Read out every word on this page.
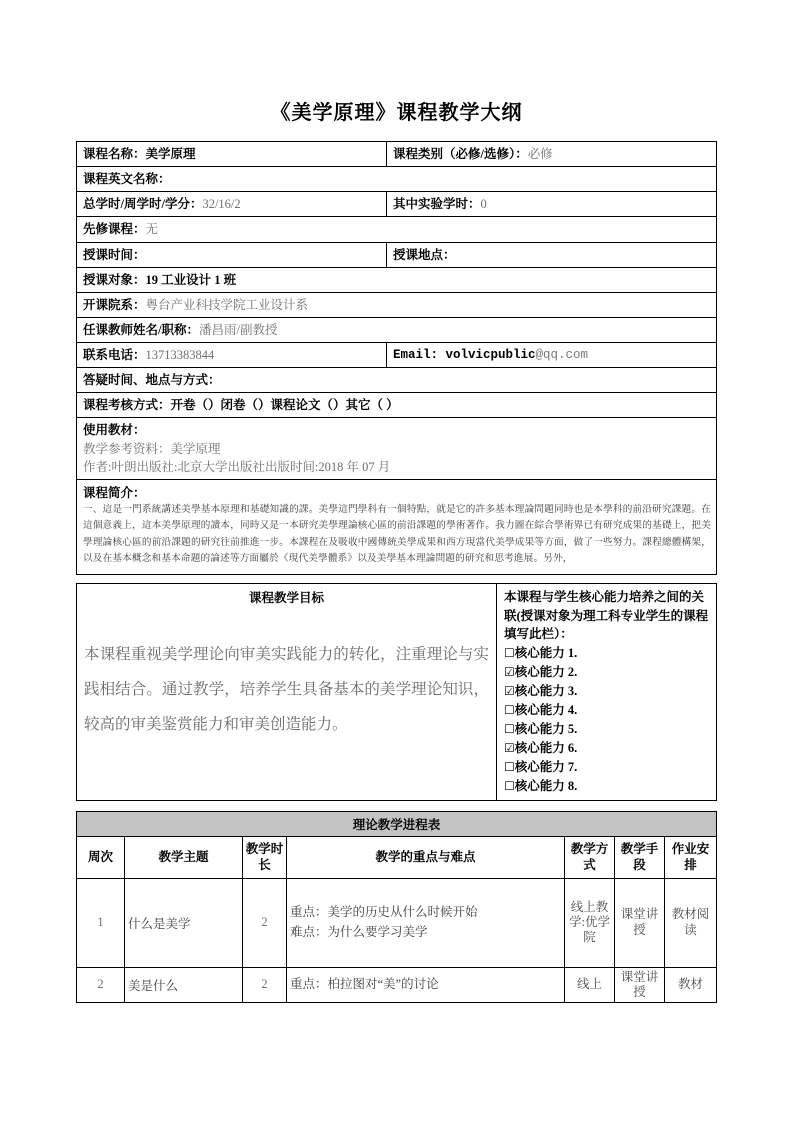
《美学原理》课程教学大纲
课程名称：美学原理	课程类别（必修/选修）：必修
课程英文名称：	
总学时/周学时/学分：32/16/2	其中实验学时：0
先修课程：无	
授课时间：	授课地点：
授课对象：19 工业设计 1 班	
开课院系：粤台产业科技学院工业设计系	
任课教师姓名/职称：潘昌雨/副教授	
联系电话：13713383844	Email: volvicpublic@qq.com
答疑时间、地点与方式：	
课程考核方式：开卷（）闭卷（）课程论文（）其它（ ）	

使用教材：
教学参考资料：美学原理
作者:叶朗出版社:北京大学出版社出版时间:2018 年 07 月	

课程简介：
一、這是一門系統講述美學基本原理和基礎知識的課。美學這門學科有一個特點，就是它的許多基本理論問題同時也是本學科的前沿研究課題。在這個意義上，這本美學原理的讀本，同時又是一本研究美學理論核心區的前沿課題的學術著作。我力圖在綜合學術界已有研究成果的基礎上，把美學理論核心區的前沿課題的研究往前推進一步。本課程在及吸收中國傳統美學成果和西方現當代美學成果等方面，做了一些努力。課程總體構架，以及在基本概念和基本命題的論述等方面屬於《現代美學體系》以及美學基本理論問題的研究和思考進展。另外，	
课程教学目标
本课程重视美学理论向审美实践能力的转化，注重理论与实践相结合。通过教学，培养学生具备基本的美学理论知识，较高的审美鉴赏能力和审美创造能力。

本课程与学生核心能力培养之间的关联(授课对象为理工科专业学生的课程填写此栏）：
☐核心能力 1.
☑核心能力 2.
☑核心能力 3.
☐核心能力 4.
☐核心能力 5.
☑核心能力 6.
☐核心能力 7.
☐核心能力 8.
理论教学进程表						
周次	教学主题	教学时长	教学的重点与难点	教学方式	教学手段	作业安排
1	什么是美学	2	重点：美学的历史从什么时候开始
难点：为什么要学习美学	线上教学:优学院	课堂讲授	教材阅读
2	美是什么	2	重点：柏拉图对“美”的讨论	线上	课堂讲授	教材
